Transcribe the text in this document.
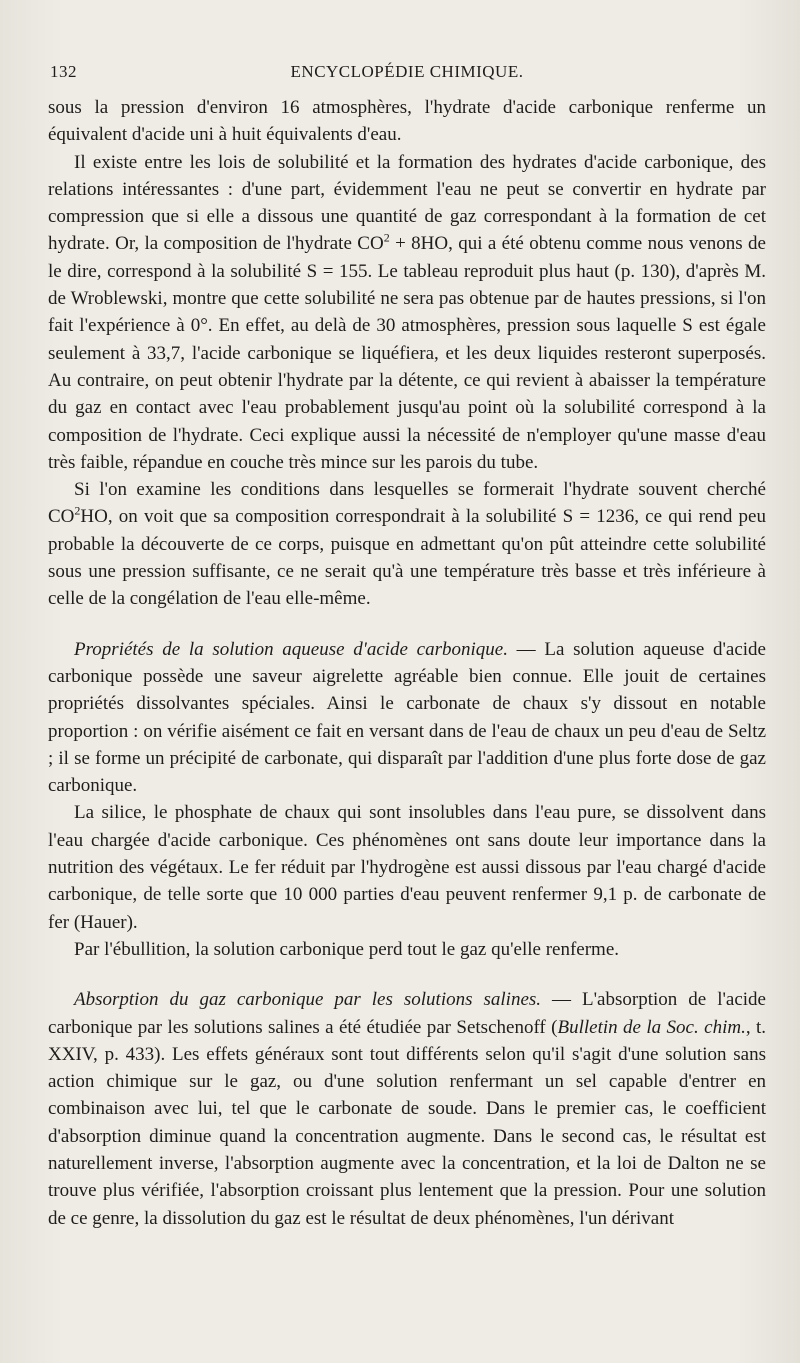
132	ENCYCLOPÉDIE CHIMIQUE.

sous la pression d'environ 16 atmosphères, l'hydrate d'acide carbonique renferme un équivalent d'acide uni à huit équivalents d'eau.

Il existe entre les lois de solubilité et la formation des hydrates d'acide carbonique, des relations intéressantes : d'une part, évidemment l'eau ne peut se convertir en hydrate par compression que si elle a dissous une quantité de gaz correspondant à la formation de cet hydrate. Or, la composition de l'hydrate $CO^2 + 8HO$, qui a été obtenu comme nous venons de le dire, correspond à la solubilité S = 155. Le tableau reproduit plus haut (p. 130), d'après M. de Wroblewski, montre que cette solubilité ne sera pas obtenue par de hautes pressions, si l'on fait l'expérience à 0°. En effet, au delà de 30 atmosphères, pression sous laquelle S est égale seulement à 33,7, l'acide carbonique se liquéfiera, et les deux liquides resteront superposés. Au contraire, on peut obtenir l'hydrate par la détente, ce qui revient à abaisser la température du gaz en contact avec l'eau probablement jusqu'au point où la solubilité correspond à la composition de l'hydrate. Ceci explique aussi la nécessité de n'employer qu'une masse d'eau très faible, répandue en couche très mince sur les parois du tube.

Si l'on examine les conditions dans lesquelles se formerait l'hydrate souvent cherché $CO^2HO$, on voit que sa composition correspondrait à la solubilité S = 1236, ce qui rend peu probable la découverte de ce corps, puisque en admettant qu'on pût atteindre cette solubilité sous une pression suffisante, ce ne serait qu'à une température très basse et très inférieure à celle de la congélation de l'eau elle-même.

Propriétés de la solution aqueuse d'acide carbonique. — La solution aqueuse d'acide carbonique possède une saveur aigrelette agréable bien connue. Elle jouit de certaines propriétés dissolvantes spéciales. Ainsi le carbonate de chaux s'y dissout en notable proportion : on vérifie aisément ce fait en versant dans de l'eau de chaux un peu d'eau de Seltz ; il se forme un précipité de carbonate, qui disparaît par l'addition d'une plus forte dose de gaz carbonique.

La silice, le phosphate de chaux qui sont insolubles dans l'eau pure, se dissolvent dans l'eau chargée d'acide carbonique. Ces phénomènes ont sans doute leur importance dans la nutrition des végétaux. Le fer réduit par l'hydrogène est aussi dissous par l'eau chargé d'acide carbonique, de telle sorte que 10 000 parties d'eau peuvent renfermer 9,1 p. de carbonate de fer (Hauer).

Par l'ébullition, la solution carbonique perd tout le gaz qu'elle renferme.

Absorption du gaz carbonique par les solutions salines. — L'absorption de l'acide carbonique par les solutions salines a été étudiée par Setschenoff (Bulletin de la Soc. chim., t. XXIV, p. 433). Les effets généraux sont tout différents selon qu'il s'agit d'une solution sans action chimique sur le gaz, ou d'une solution renfermant un sel capable d'entrer en combinaison avec lui, tel que le carbonate de soude. Dans le premier cas, le coefficient d'absorption diminue quand la concentration augmente. Dans le second cas, le résultat est naturellement inverse, l'absorption augmente avec la concentration, et la loi de Dalton ne se trouve plus vérifiée, l'absorption croissant plus lentement que la pression. Pour une solution de ce genre, la dissolution du gaz est le résultat de deux phénomènes, l'un dérivant
